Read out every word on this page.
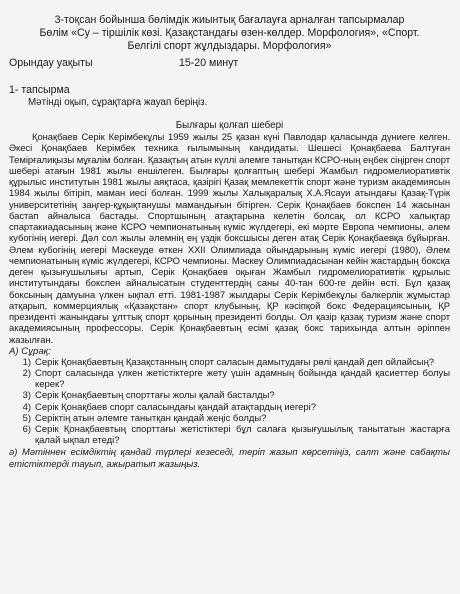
3-тоқсан бойынша бөлімдік жиынтық бағалауға арналған тапсырмалар
Бөлім «Су – тіршілік көзі. Қазақстандағы өзен-көлдер. Морфология», «Спорт.
Белгілі спорт жұлдыздары. Морфология»
Орындау уақыты	15-20 минут
1- тапсырма
Мәтінді оқып, сұрақтарға жауап беріңіз.
Былғары қолғап шебері
Қонақбаев Серік Керімбекұлы 1959 жылы 25 қазан күні Павлодар қаласында дүниеге келген. Әкесі Қонақбаев Керімбек техника ғылымының кандидаты. Шешесі Қонақбаева Балтуған Темірғалиқызы мұғалім болған. Қазақтың атын күллі әлемге танытқан КСРО-ның еңбек сіңірген спорт шебері атағын 1981 жылы еншілеген. Былғары қолғаптың шебері Жамбыл гидромелиоративтік құрылыс институтын 1981 жылы аяқтаса, қазірігі Қазақ мемлекеттік спорт және туризм академиясын 1984 жылы бітіріп, маман иесі болған. 1999 жылы Халықаралық Х.А.Ясауи атындағы Қазақ-Түрік университетінің заңгер-құқықтанушы мамандығын бітірген. Серік Қонақбаев бокспен 14 жасынан бастап айналыса бастады. Спортшының атақтарына келетін болсақ, ол КСРО халықтар спартакиадасының және КСРО чемпионатының күміс жүлдегері, екі мәрте Европа чемпионы, әлем кубогінің иегері. Дәл сол жылы әлемнің ең үздік боксшысы деген атақ Серік Қонақбаевқа бұйырған. Әлем кубогінің иегері Мәскеуде өткен XXII Олимпиада ойындарының күміс иегері (1980), Әлем чемпионатының күміс жүлдегері, КСРО чемпионы. Мәскеу Олимпиадасынан кейін жастардың боксқа деген қызығушылығы артып, Серік Қонақбаев оқыған Жамбыл гидромелиоративтік құрылыс институтындағы бокспен айналысатын студенттердің саны 40-тан 600-ге дейін өсті. Бұл қазақ боксының дамуына үлкен ықпал етті. 1981-1987 жылдары Серік Керімбекұлы балкерлік жұмыстар атқарып, коммерциялық «Қазақстан» спорт клубының, ҚР кәсіпқой бокс Федерациясының, ҚР президенті жанындағы ұлттық спорт қорының президенті болды. Ол қазір қазақ туризм және спорт академиясының профессоры. Серік Қонақбаевтың есімі қазақ бокс тарихында алтын әріппен жазылған.
А) Сұрақ:
1) Серік Қонақбаевтың Қазақстанның спорт саласын дамытудағы рөлі қандай деп ойлайсың?
2) Спорт саласында үлкен жетістіктерге жету үшін адамның бойында қандай қасиеттер болуы керек?
3) Серік Қонақбаевтың спорттағы жолы қалай басталды?
4) Серік Қонақбаев спорт саласындағы қандай атақтардың иегері?
5) Серіктің атын әлемге танытқан қандай жеңіс болды?
6) Серік Қонақбаевтың спорттағы жетістіктері бұл салаға қызығушылық танытатын жастарға қалай ықпал етеді?
ә) Мәтіннен есімдіктің қандай түрлері кезеседі, теріп жазып көрсетіңіз, салт және сабақты етістіктерді тауып, ажыратып жазыңыз.
